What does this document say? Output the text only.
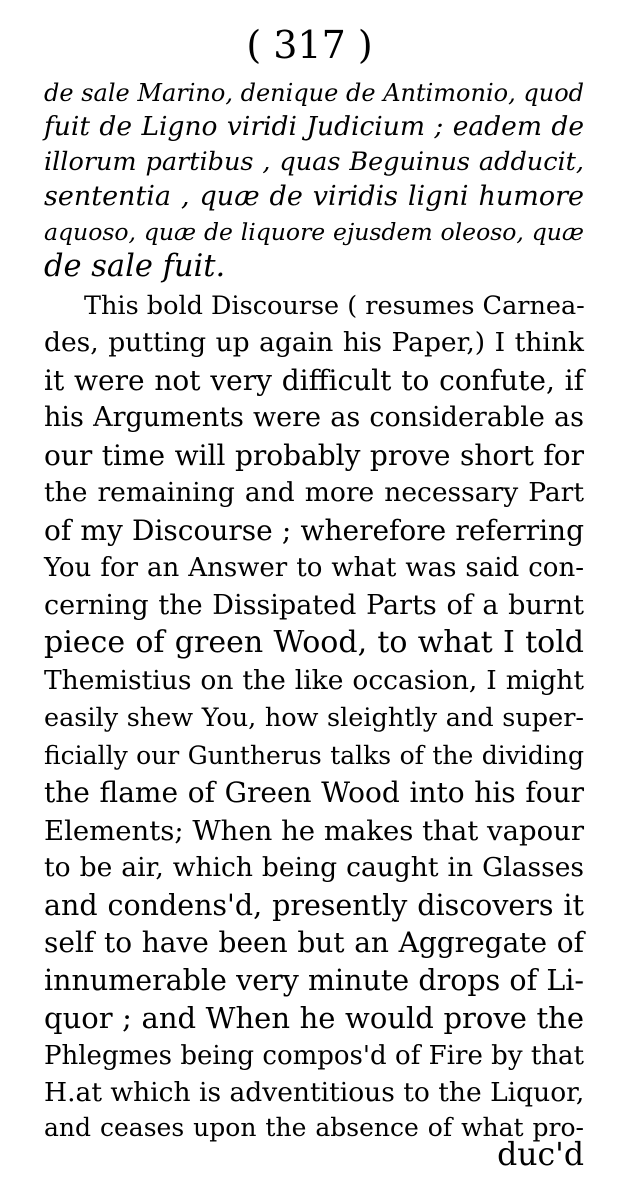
( 317 )
de sale Marino, denique de Antimonio, quod
fuit de Ligno viridi Judicium ; eadem de
illorum partibus , quas Beguinus adducit,
sententia , quæ de viridis ligni humore
aquoso, quæ de liquore ejusdem oleoso, quæ
de sale fuit.
This bold Discourse ( resumes Carnea-
des, putting up again his Paper,) I think
it were not very difficult to confute, if
his Arguments were as considerable as
our time will probably prove short for
the remaining and more necessary Part
of my Discourse ; wherefore referring
You for an Answer to what was said con-
cerning the Dissipated Parts of a burnt
piece of green Wood, to what I told
Themistius on the like occasion, I might
easily shew You, how sleightly and super-
ficially our Guntherus talks of the dividing
the flame of Green Wood into his four
Elements; When he makes that vapour
to be air, which being caught in Glasses
and condens'd, presently discovers it
self to have been but an Aggregate of
innumerable very minute drops of Li-
quor ; and When he would prove the
Phlegmes being compos'd of Fire by that
H.at which is adventitious to the Liquor,
and ceases upon the absence of what pro-
duc'd
